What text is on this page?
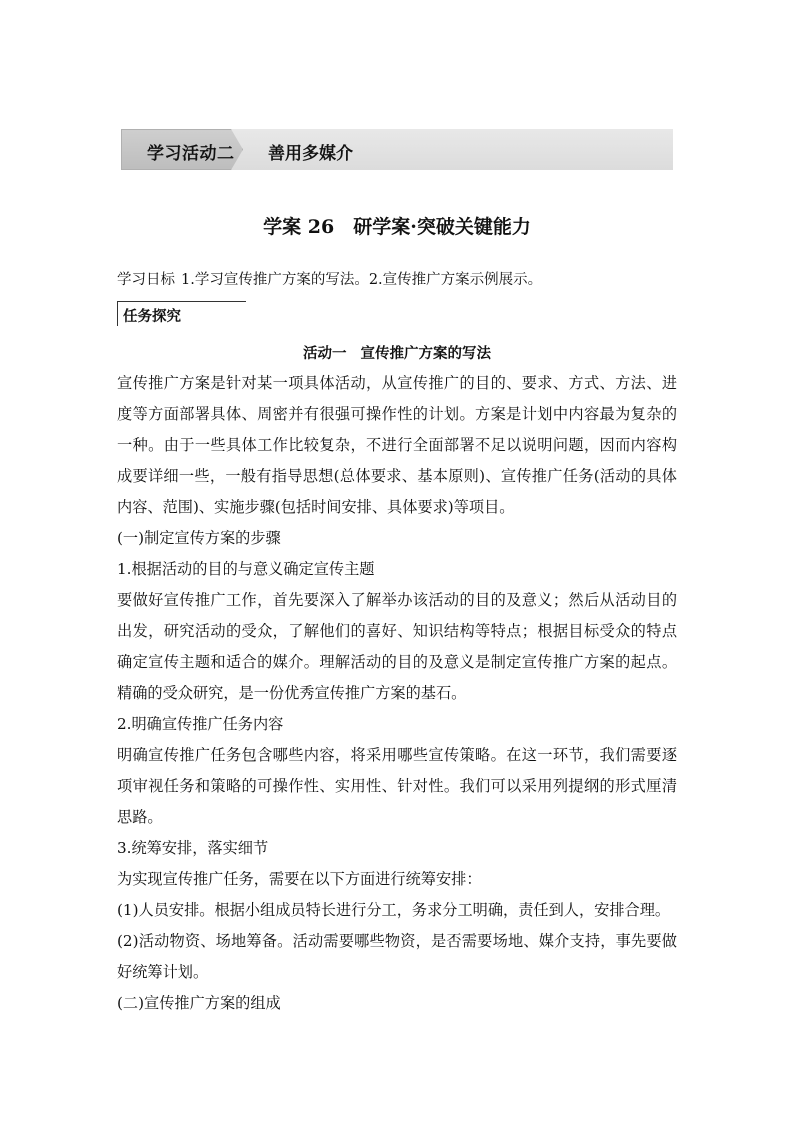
学习活动二 善用多媒介
学案 26　研学案·突破关键能力
学习日标 1.学习宣传推广方案的写法。2.宣传推广方案示例展示。
任务探究
活动一 宣传推广方案的写法

宣传推广方案是针对某一项具体活动，从宣传推广的目的、要求、方式、方法、进度等方面部署具体、周密并有很强可操作性的计划。方案是计划中内容最为复杂的一种。由于一些具体工作比较复杂，不进行全面部署不足以说明问题，因而内容构成要详细一些，一般有指导思想(总体要求、基本原则)、宣传推广任务(活动的具体内容、范围)、实施步骤(包括时间安排、具体要求)等项目。

(一)制定宣传方案的步骤

1.根据活动的目的与意义确定宣传主题

要做好宣传推广工作，首先要深入了解举办该活动的目的及意义；然后从活动目的出发，研究活动的受众，了解他们的喜好、知识结构等特点；根据目标受众的特点确定宣传主题和适合的媒介。理解活动的目的及意义是制定宣传推广方案的起点。精确的受众研究，是一份优秀宣传推广方案的基石。

2.明确宣传推广任务内容

明确宣传推广任务包含哪些内容，将采用哪些宣传策略。在这一环节，我们需要逐项审视任务和策略的可操作性、实用性、针对性。我们可以采用列提纲的形式厘清思路。

3.统筹安排，落实细节

为实现宣传推广任务，需要在以下方面进行统筹安排：

(1)人员安排。根据小组成员特长进行分工，务求分工明确，责任到人，安排合理。

(2)活动物资、场地筹备。活动需要哪些物资，是否需要场地、媒介支持，事先要做好统筹计划。

(二)宣传推广方案的组成
